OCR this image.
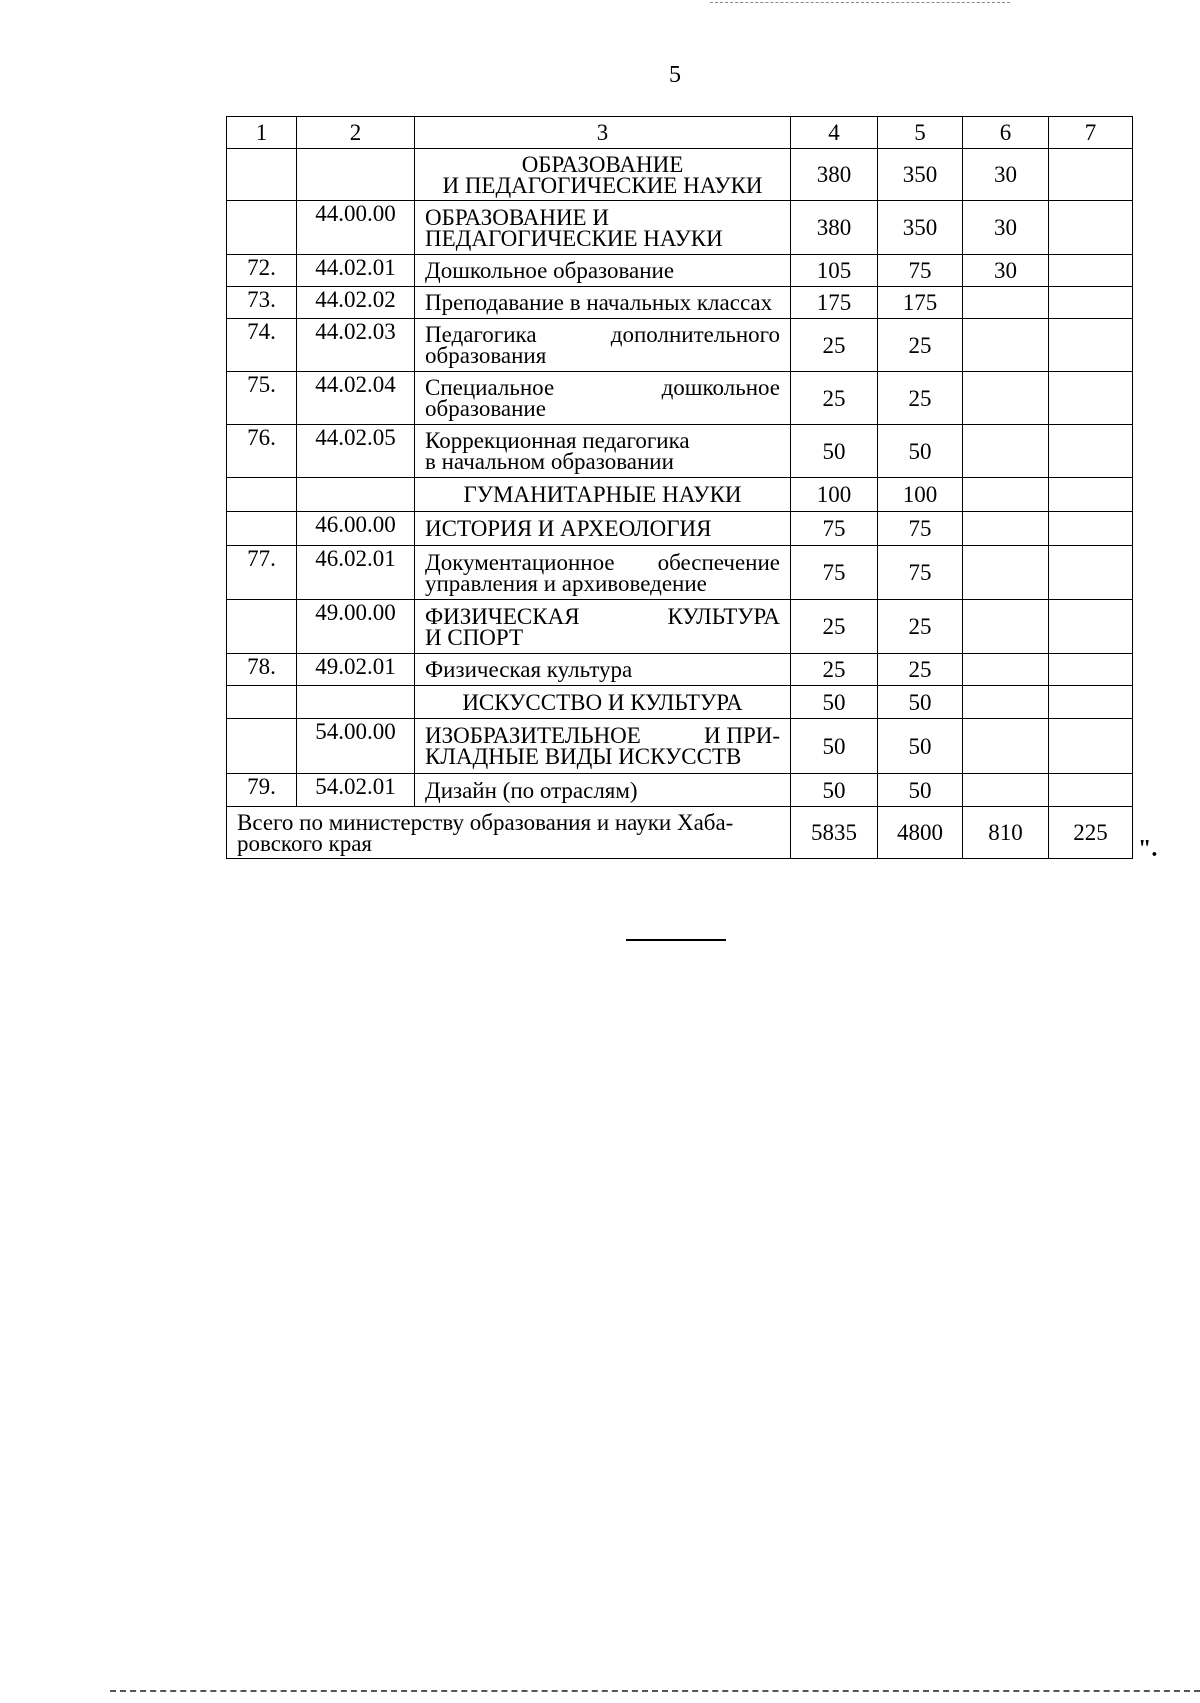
5
1	2	3	4	5	6	7

		ОБРАЗОВАНИЕ
И ПЕДАГОГИЧЕСКИЕ НАУКИ	380	350	30	
	44.00.00	ОБРАЗОВАНИЕ И
ПЕДАГОГИЧЕСКИЕ НАУКИ	380	350	30	
72.	44.02.01	Дошкольное образование	105	75	30	
73.	44.02.02	Преподавание в начальных классах	175	175		
74.	44.02.03	Педагогика дополнительного
образования	25	25		
75.	44.02.04	Специальное дошкольное
образование	25	25		
76.	44.02.05	Коррекционная педагогика
в начальном образовании	50	50		
		ГУМАНИТАРНЫЕ НАУКИ	100	100		
	46.00.00	ИСТОРИЯ И АРХЕОЛОГИЯ	75	75		
77.	46.02.01	Документационное обеспечение
управления и архивоведение	75	75		
	49.00.00	ФИЗИЧЕСКАЯ КУЛЬТУРА
И СПОРТ	25	25		
78.	49.02.01	Физическая культура	25	25		
		ИСКУССТВО И КУЛЬТУРА	50	50		
	54.00.00	ИЗОБРАЗИТЕЛЬНОЕ И ПРИ-
КЛАДНЫЕ ВИДЫ ИСКУССТВ	50	50		
79.	54.02.01	Дизайн (по отраслям)	50	50		

Всего по министерству образования и науки Хаба-
ровского края			5835	4800	810	225
".
